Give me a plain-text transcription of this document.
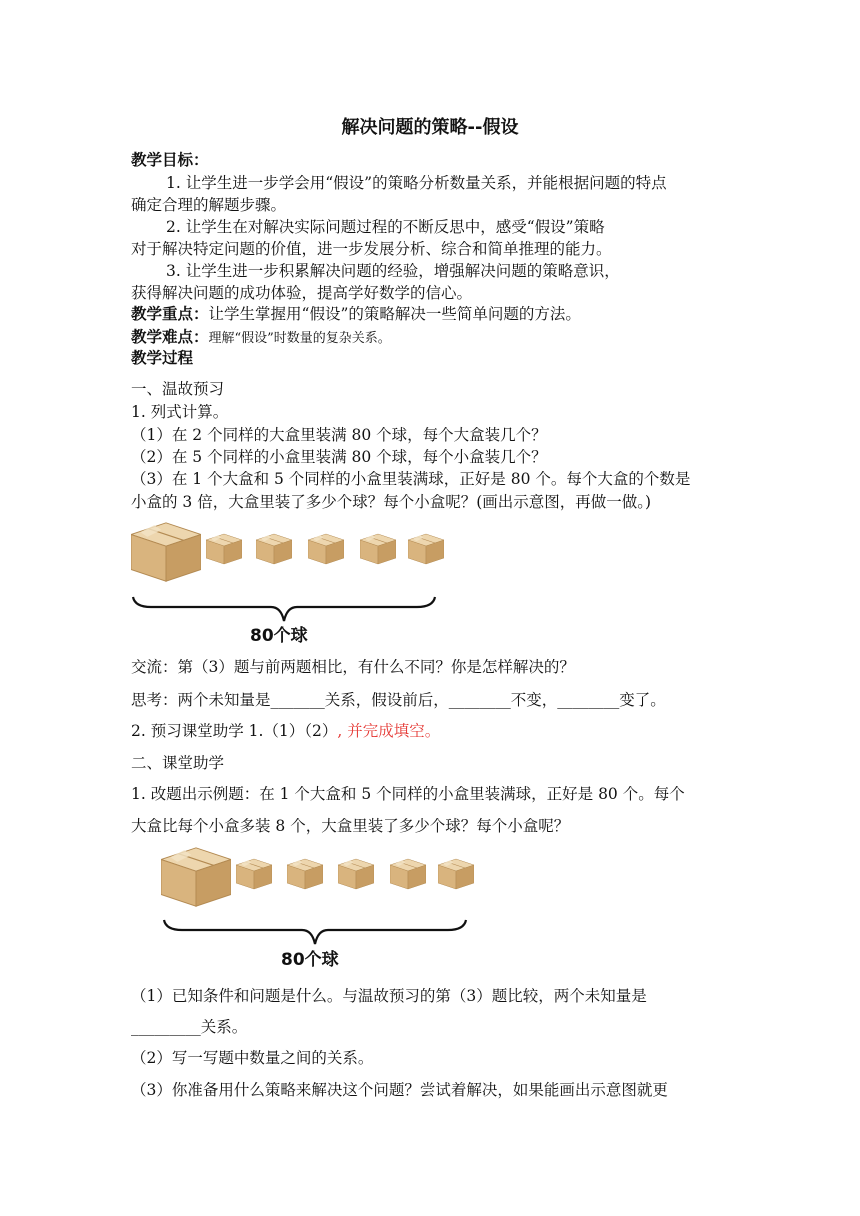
解决问题的策略--假设
教学目标：
1. 让学生进一步学会用“假设”的策略分析数量关系，并能根据问题的特点
确定合理的解题步骤。
2. 让学生在对解决实际问题过程的不断反思中，感受“假设”策略
对于解决特定问题的价值，进一步发展分析、综合和简单推理的能力。
3. 让学生进一步积累解决问题的经验，增强解决问题的策略意识，
获得解决问题的成功体验，提高学好数学的信心。
教学重点：让学生掌握用“假设”的策略解决一些简单问题的方法。
教学难点：理解“假设”时数量的复杂关系。
教学过程
一、温故预习
1. 列式计算。
（1）在 2 个同样的大盒里装满 80 个球，每个大盒装几个？
（2）在 5 个同样的小盒里装满 80 个球，每个小盒装几个？
（3）在 1 个大盒和 5 个同样的小盒里装满球，正好是 80 个。每个大盒的个数是
小盒的 3 倍，大盒里装了多少个球？每个小盒呢？(画出示意图，再做一做。)
80个球
交流：第（3）题与前两题相比，有什么不同？你是怎样解决的？
思考：两个未知量是_______关系，假设前后，________不变，________变了。
2. 预习课堂助学 1.（1）（2）, 并完成填空。
二、课堂助学
1. 改题出示例题：在 1 个大盒和 5 个同样的小盒里装满球，正好是 80 个。每个
大盒比每个小盒多装 8 个，大盒里装了多少个球？每个小盒呢？
80个球
（1）已知条件和问题是什么。与温故预习的第（3）题比较，两个未知量是
_________关系。
（2）写一写题中数量之间的关系。
（3）你准备用什么策略来解决这个问题？尝试着解决，如果能画出示意图就更
